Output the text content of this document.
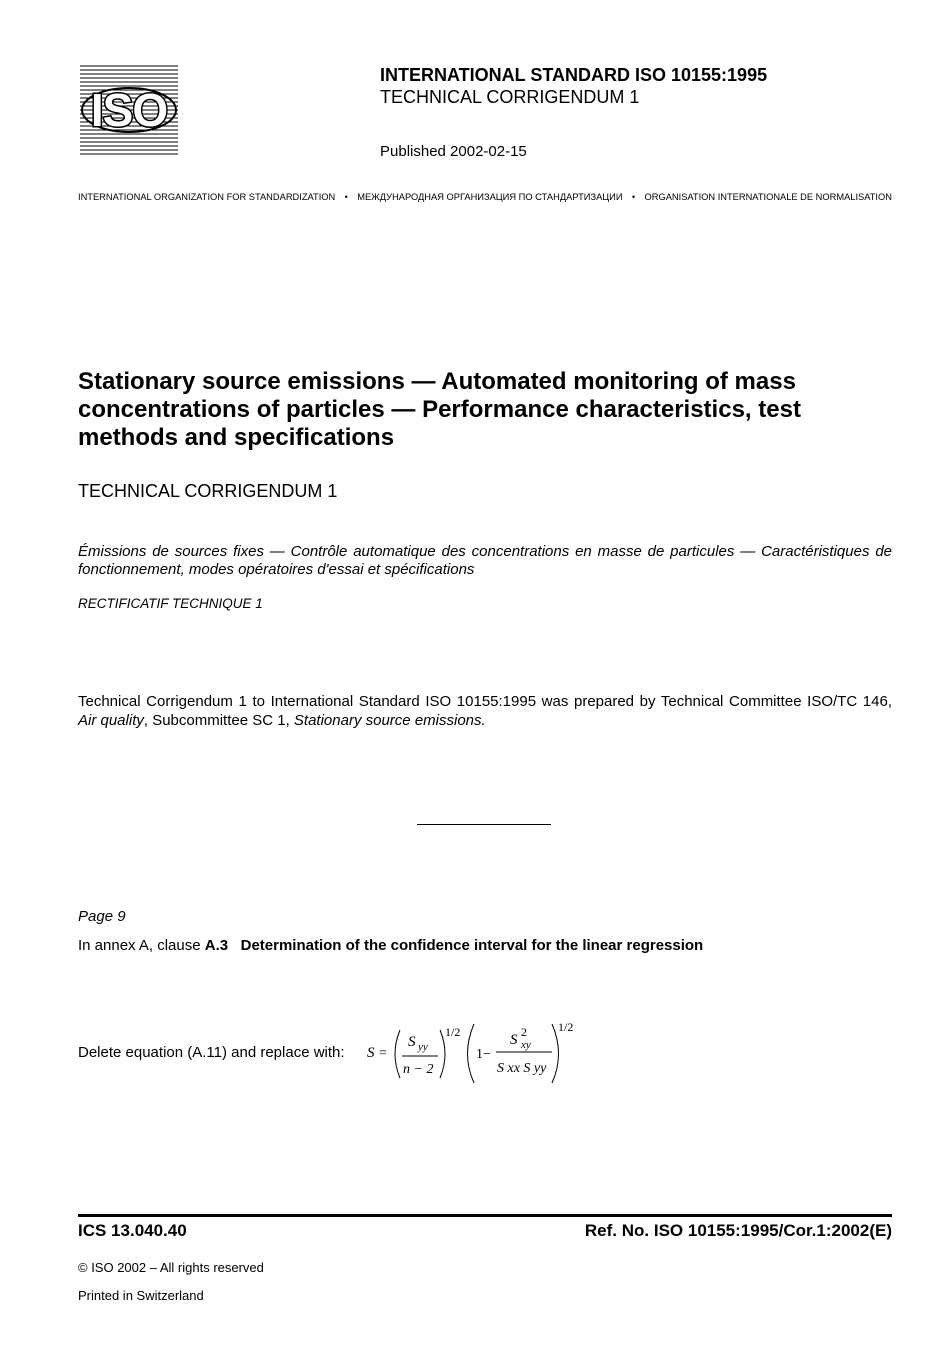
ISO
INTERNATIONAL STANDARD ISO 10155:1995
TECHNICAL CORRIGENDUM 1
Published 2002-02-15
INTERNATIONAL ORGANIZATION FOR STANDARDIZATION • МЕЖДУНАРОДНАЯ ОРГАНИЗАЦИЯ ПО СТАНДАРТИЗАЦИИ • ORGANISATION INTERNATIONALE DE NORMALISATION
Stationary source emissions — Automated monitoring of mass concentrations of particles — Performance characteristics, test methods and specifications
TECHNICAL CORRIGENDUM 1
Émissions de sources fixes — Contrôle automatique des concentrations en masse de particules — Caractéristiques de fonctionnement, modes opératoires d'essai et spécifications
RECTIFICATIF TECHNIQUE 1
Technical Corrigendum 1 to International Standard ISO 10155:1995 was prepared by Technical Committee ISO/TC 146, Air quality, Subcommittee SC 1, Stationary source emissions.
Page 9
In annex A, clause A.3 Determination of the confidence interval for the linear regression
Delete equation (A.11) and replace with: S =
S yy
n − 2
1/2
1−
S 2
xy
S xx S yy
1/2
ICS 13.040.40	Ref. No. ISO 10155:1995/Cor.1:2002(E)
© ISO 2002 – All rights reserved
Printed in Switzerland
